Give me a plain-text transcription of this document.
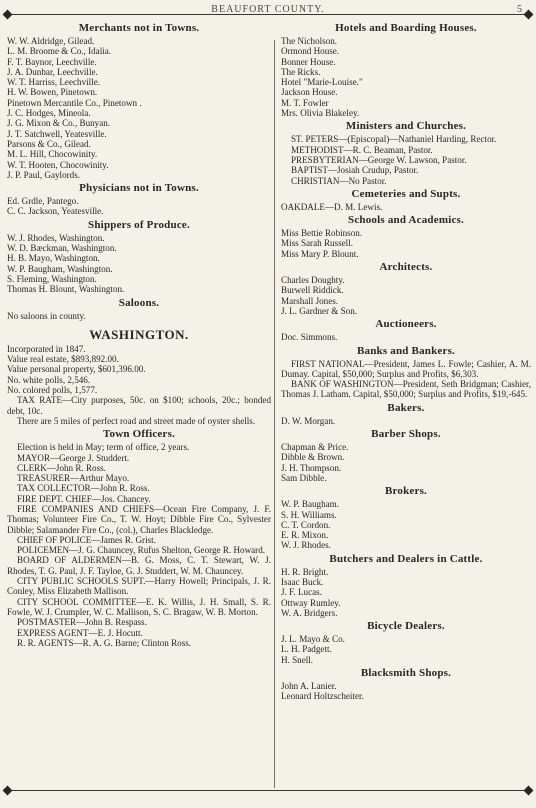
BEAUFORT COUNTY.	5
Merchants not in Towns.
W. W. Aldridge, Gilead.
L. M. Broome & Co., Idalia.
F. T. Baynor, Leechville.
J. A. Dunbar, Leechville.
W. T. Harriss, Leechville.
H. W. Bowen, Pinetown.
Pinetown Mercantile Co., Pinetown .
J. C. Hodges, Mineola.
J. G. Mixon & Co., Bunyan.
J. T. Satchwell, Yeatesville.
Parsons & Co., Gilead.
M. L. Hill, Chocowinity.
W. T. Hooten, Chocowinity.
J. P. Paul, Gaylords.
Physicians not in Towns.
Ed. Grdle, Pantego.
C. C. Jackson, Yeatesville.
Shippers of Produce.
W. J. Rhodes, Washington.
W. D. Bæckman, Washington.
H. B. Mayo, Washington.
W. P. Baugham, Washington.
S. Fleming, Washington.
Thomas H. Blount, Washington.
Saloons.
No saloons in county.
WASHINGTON.
Incorporated in 1847.
Value real estate, $893,892.00.
Value personal property, $601,396.00.
No. white polls, 2,546.
No. colored polls, 1,577.
TAX RATE—City purposes, 50c. on $100; schools, 20c.; bonded debt, 10c.
There are 5 miles of perfect road and street made of oyster shells.
Town Officers.
Election is held in May; term of office, 2 years.
MAYOR—George J. Studdert.
CLERK—John R. Ross.
TREASURER—Arthur Mayo.
TAX COLLECTOR—John R. Ross.
FIRE DEPT. CHIEF—Jos. Chancey.
FIRE COMPANIES AND CHIEFS—Ocean Fire Company, J. F. Thomas; Volunteer Fire Co., T. W. Hoyt; Dibble Fire Co., Sylvester Dibble; Salamander Fire Co., (col.), Charles Blackledge.
CHIEF OF POLICE—James R. Grist.
POLICEMEN—J. G. Chauncey, Rufus Shelton, George R. Howard.
BOARD OF ALDERMEN—B. G. Moss, C. T. Stewart, W. J. Rhodes, T. G. Paul, J. F. Tayloe, G. J. Studdert, W. M. Chauncey.
CITY PUBLIC SCHOOLS SUPT.—Harry Howell; Principals, J. R. Conley, Miss Elizabeth Mallison.
CITY SCHOOL COMMITTEE—E. K. Willis, J. H. Small, S. R. Fowle, W. J. Crumpler, W. C. Mallison, S. C. Bragaw, W. B. Morton.
POSTMASTER—John B. Respass.
EXPRESS AGENT—E. J. Hocutt.
R. R. AGENTS—R. A. G. Barne; Clinton Ross.
Hotels and Boarding Houses.
The Nicholson.
Ormond House.
Bonner House.
The Ricks.
Hotel "Marie-Louise."
Jackson House.
M. T. Fowler
Mrs. Olivia Blakeley.
Ministers and Churches.
ST. PETERS—(Episcopal)—Nathaniel Harding, Rector.
METHODIST—R. C. Beaman, Pastor.
PRESBYTERIAN—George W. Lawson, Pastor.
BAPTIST—Josiah Crudup, Pastor.
CHRISTIAN—No Pastor.
Cemeteries and Supts.
OAKDALE—D. M. Lewis.
Schools and Academics.
Miss Bettie Robinson.
Miss Sarah Russell.
Miss Mary P. Blount.
Architects.
Charles Doughty.
Burwell Riddick.
Marshall Jones.
J. L. Gardner & Son.
Auctioneers.
Doc. Simmons.
Banks and Bankers.
FIRST NATIONAL—President, James L. Fowle; Cashier, A. M. Dumay. Capital, $50,000; Surplus and Profits, $6,303.
BANK OF WASHINGTON—President, Seth Bridgman; Cashier, Thomas J. Latham. Capital, $50,000; Surplus and Profits, $19,-645.
Bakers.
D. W. Morgan.
Barber Shops.
Chapman & Price.
Dibble & Brown.
J. H. Thompson.
Sam Dibble.
Brokers.
W. P. Baugham.
S. H. Williams.
C. T. Cordon.
E. R. Mixon.
W. J. Rhodes.
Butchers and Dealers in Cattle.
H. R. Bright.
Isaac Buck.
J. F. Lucas.
Ottway Rumley.
W. A. Bridgers.
Bicycle Dealers.
J. L. Mayo & Co.
L. H. Padgett.
H. Snell.
Blacksmith Shops.
John A. Lanier.
Leonard Holtzscheiter.
